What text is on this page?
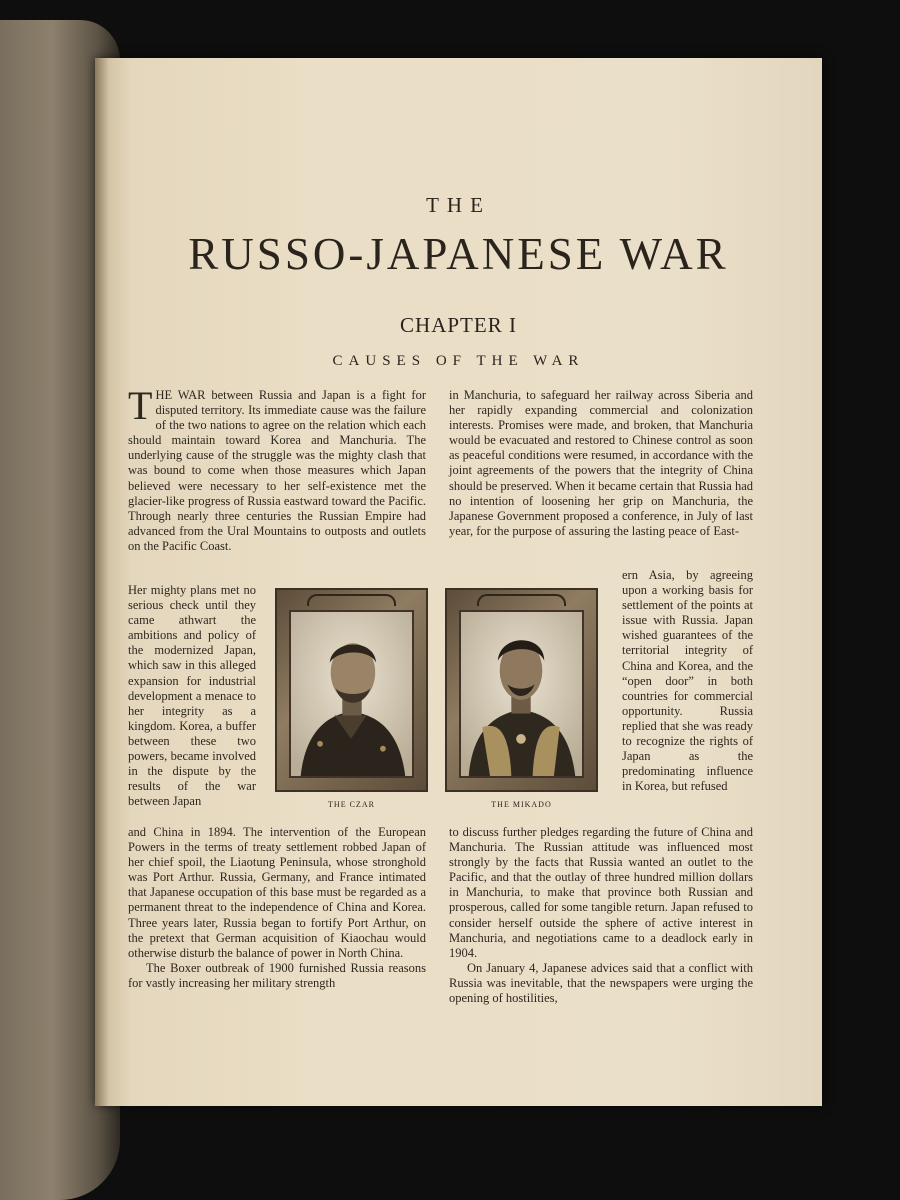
THE
RUSSO-JAPANESE WAR
CHAPTER I
CAUSES OF THE WAR

THE WAR between Russia and Japan is a fight for disputed territory. Its immediate cause was the failure of the two nations to agree on the relation which each should maintain toward Korea and Manchuria. The underlying cause of the struggle was the mighty clash that was bound to come when those measures which Japan believed were necessary to her self-existence met the glacier-like progress of Russia eastward toward the Pacific. Through nearly three centuries the Russian Empire had advanced from the Ural Mountains to outposts and outlets on the Pacific Coast.

Her mighty plans met no serious check until they came athwart the ambitions and policy of the modernized Japan, which saw in this alleged expansion for industrial development a menace to her integrity as a kingdom. Korea, a buffer between these two powers, became involved in the dispute by the results of the war between Japan

and China in 1894. The intervention of the European Powers in the terms of treaty settlement robbed Japan of her chief spoil, the Liaotung Peninsula, whose stronghold was Port Arthur. Russia, Germany, and France intimated that Japanese occupation of this base must be regarded as a permanent threat to the independence of China and Korea. Three years later, Russia began to fortify Port Arthur, on the pretext that German acquisition of Kiaochau would otherwise disturb the balance of power in North China.

The Boxer outbreak of 1900 furnished Russia reasons for vastly increasing her military strength

in Manchuria, to safeguard her railway across Siberia and her rapidly expanding commercial and colonization interests. Promises were made, and broken, that Manchuria would be evacuated and restored to Chinese control as soon as peaceful conditions were resumed, in accordance with the joint agreements of the powers that the integrity of China should be preserved. When it became certain that Russia had no intention of loosening her grip on Manchuria, the Japanese Government proposed a conference, in July of last year, for the purpose of assuring the lasting peace of East-

ern Asia, by agreeing upon a working basis for settlement of the points at issue with Russia. Japan wished guarantees of the territorial integrity of China and Korea, and the “open door” in both countries for commercial opportunity. Russia replied that she was ready to recognize the rights of Japan as the predominating influence in Korea, but refused

to discuss further pledges regarding the future of China and Manchuria. The Russian attitude was influenced most strongly by the facts that Russia wanted an outlet to the Pacific, and that the outlay of three hundred million dollars in Manchuria, to make that province both Russian and prosperous, called for some tangible return. Japan refused to consider herself outside the sphere of active interest in Manchuria, and negotiations came to a deadlock early in 1904.

On January 4, Japanese advices said that a conflict with Russia was inevitable, that the newspapers were urging the opening of hostilities,

THE CZAR	THE MIKADO
